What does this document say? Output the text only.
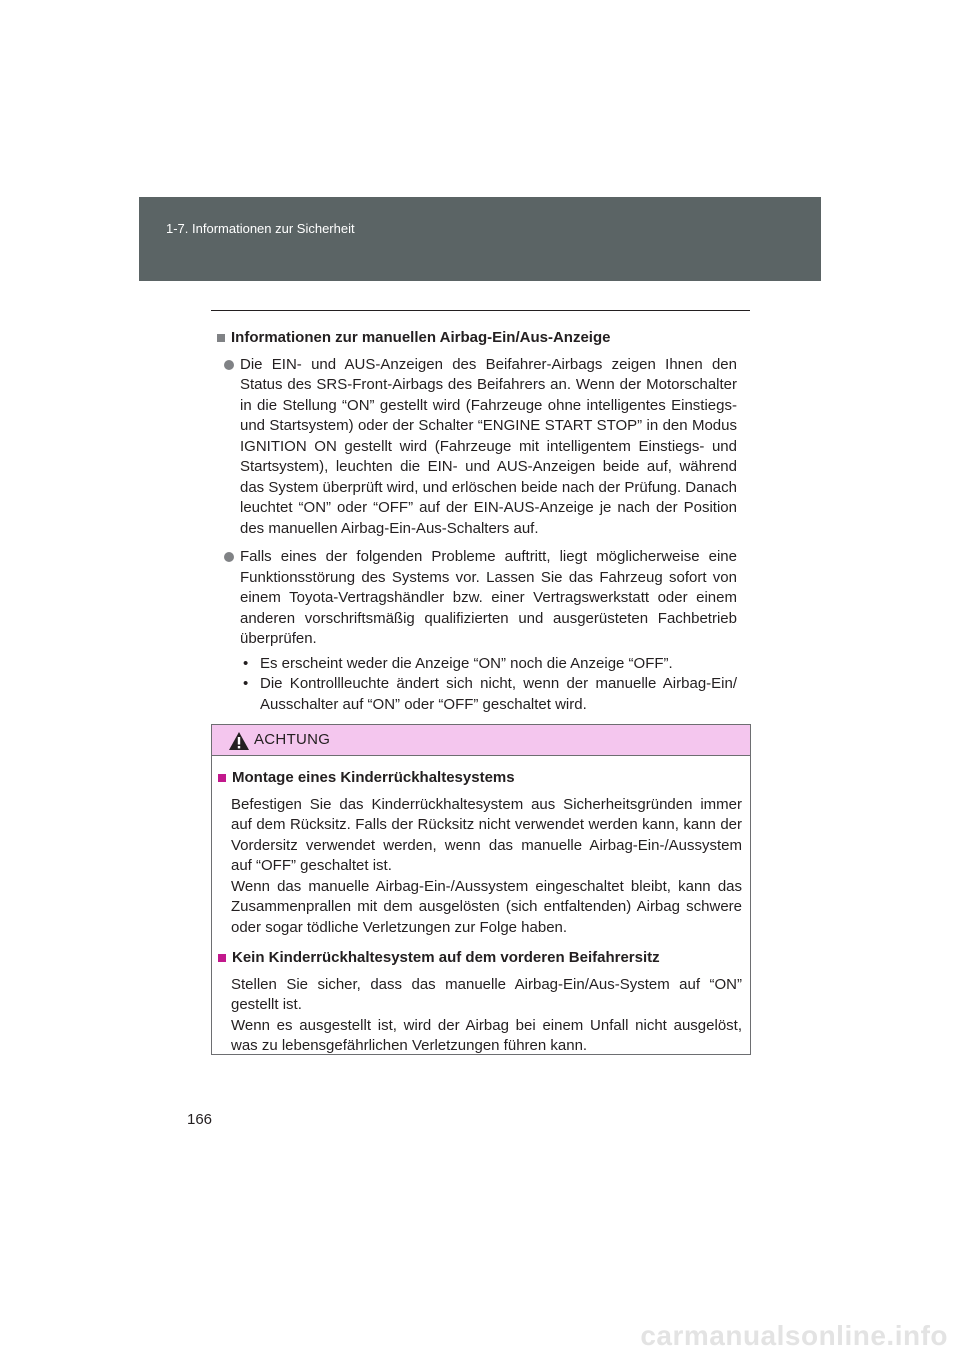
1-7. Informationen zur Sicherheit
Informationen zur manuellen Airbag-Ein/Aus-Anzeige
Die EIN- und AUS-Anzeigen des Beifahrer-Airbags zeigen Ihnen den Status des SRS-Front-Airbags des Beifahrers an. Wenn der Motorschalter in die Stellung “ON” gestellt wird (Fahrzeuge ohne intelligentes Einstiegs- und Startsystem) oder der Schalter “ENGINE START STOP” in den Modus IGNITION ON gestellt wird (Fahrzeuge mit intelligentem Einstiegs- und Startsystem), leuchten die EIN- und AUS-Anzeigen beide auf, während das System überprüft wird, und erlöschen beide nach der Prüfung. Danach leuchtet “ON” oder “OFF” auf der EIN-AUS-Anzeige je nach der Position des manuellen Airbag-Ein-Aus-Schalters auf.
Falls eines der folgenden Probleme auftritt, liegt möglicherweise eine Funktionsstörung des Systems vor. Lassen Sie das Fahrzeug sofort von einem Toyota-Vertragshändler bzw. einer Vertragswerkstatt oder einem anderen vorschriftsmäßig qualifizierten und ausgerüsteten Fachbetrieb überprüfen.
• Es erscheint weder die Anzeige “ON” noch die Anzeige “OFF”.
• Die Kontrollleuchte ändert sich nicht, wenn der manuelle Airbag-Ein/ Ausschalter auf “ON” oder “OFF” geschaltet wird.
ACHTUNG
Montage eines Kinderrückhaltesystems
Befestigen Sie das Kinderrückhaltesystem aus Sicherheitsgründen immer auf dem Rücksitz. Falls der Rücksitz nicht verwendet werden kann, kann der Vordersitz verwendet werden, wenn das manuelle Airbag-Ein-/Aussystem auf “OFF” geschaltet ist.
Wenn das manuelle Airbag-Ein-/Aussystem eingeschaltet bleibt, kann das Zusammenprallen mit dem ausgelösten (sich entfaltenden) Airbag schwere oder sogar tödliche Verletzungen zur Folge haben.
Kein Kinderrückhaltesystem auf dem vorderen Beifahrersitz
Stellen Sie sicher, dass das manuelle Airbag-Ein/Aus-System auf “ON” gestellt ist.
Wenn es ausgestellt ist, wird der Airbag bei einem Unfall nicht ausgelöst, was zu lebensgefährlichen Verletzungen führen kann.
166
carmanualsonline.info
